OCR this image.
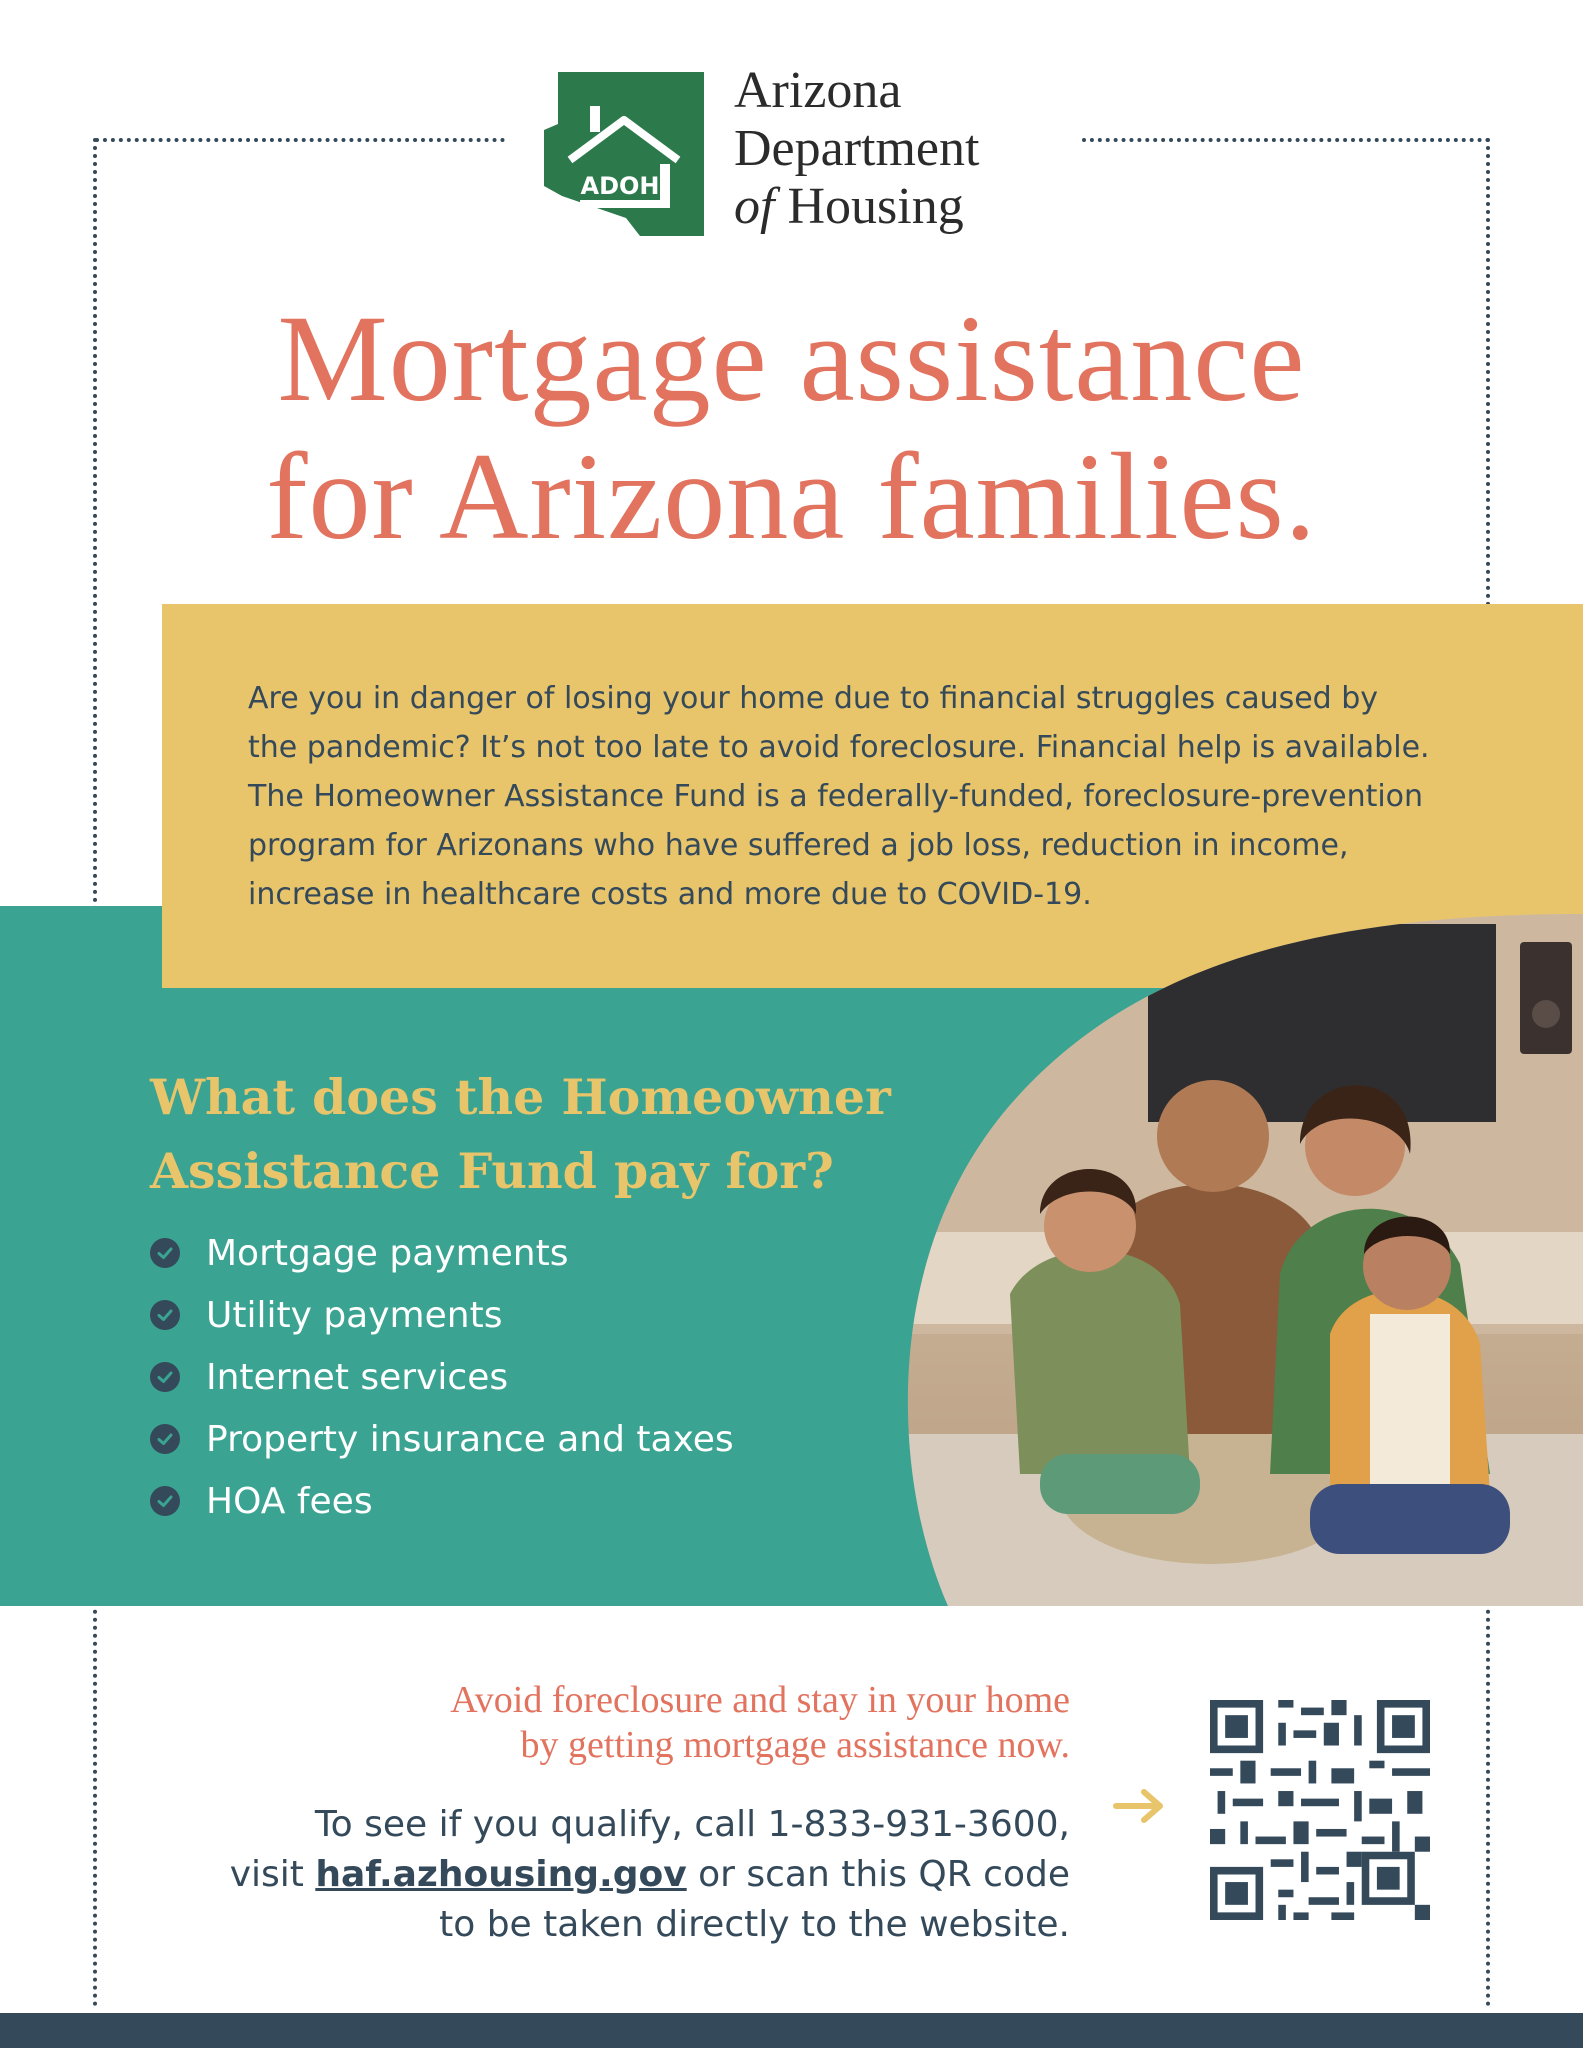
ADOH
Arizona
Department
of Housing
Mortgage assistance
for Arizona families.
Are you in danger of losing your home due to financial struggles caused by
the pandemic? It’s not too late to avoid foreclosure. Financial help is available.
The Homeowner Assistance Fund is a federally-funded, foreclosure-prevention
program for Arizonans who have suffered a job loss, reduction in income,
increase in healthcare costs and more due to COVID-19.
What does the Homeowner
Assistance Fund pay for?
Mortgage payments
Utility payments
Internet services
Property insurance and taxes
HOA fees
Avoid foreclosure and stay in your home
by getting mortgage assistance now.
To see if you qualify, call 1-833-931-3600,
visit haf.azhousing.gov or scan this QR code
to be taken directly to the website.
